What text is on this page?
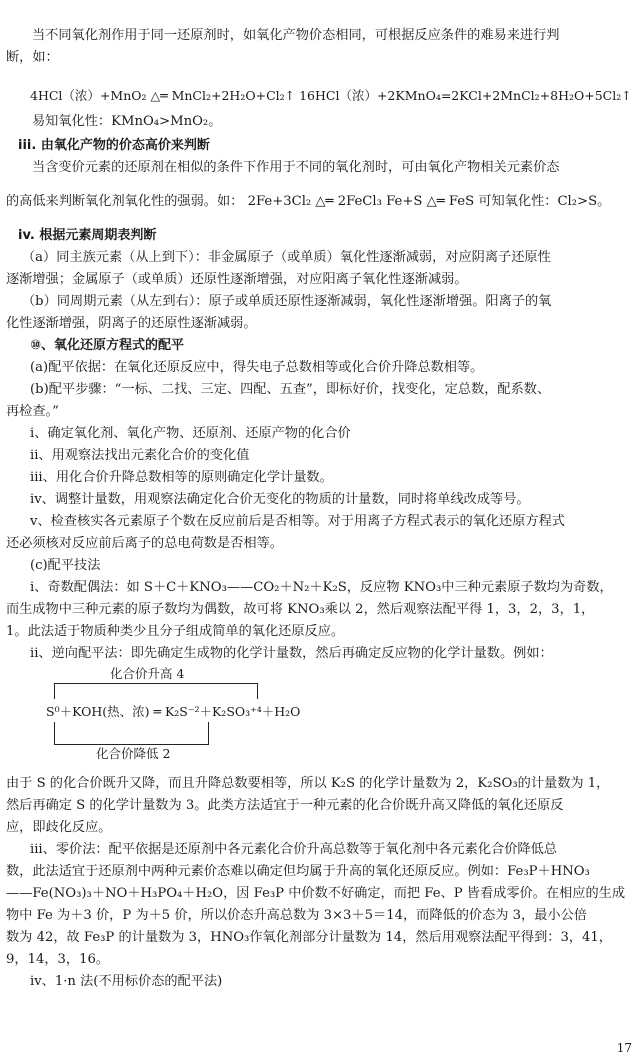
当不同氧化剂作用于同一还原剂时，如氧化产物价态相同，可根据反应条件的难易来进行判
断，如：
4HCl（浓）+MnO₂ △═ MnCl₂+2H₂O+Cl₂↑ 16HCl（浓）+2KMnO₄=2KCl+2MnCl₂+8H₂O+5Cl₂↑
易知氧化性：KMnO₄>MnO₂。
iii. 由氧化产物的价态高价来判断
当含变价元素的还原剂在相似的条件下作用于不同的氧化剂时，可由氧化产物相关元素价态
的高低来判断氧化剂氧化性的强弱。如： 2Fe+3Cl₂ △═ 2FeCl₃ Fe+S △═ FeS 可知氧化性：Cl₂>S。
iv. 根据元素周期表判断
（a）同主族元素（从上到下）：非金属原子（或单质）氧化性逐渐减弱，对应阴离子还原性
逐渐增强；金属原子（或单质）还原性逐渐增强，对应阳离子氧化性逐渐减弱。
（b）同周期元素（从左到右）：原子或单质还原性逐渐减弱，氧化性逐渐增强。阳离子的氧
化性逐渐增强，阴离子的还原性逐渐减弱。
⑩、氧化还原方程式的配平
(a)配平依据：在氧化还原反应中，得失电子总数相等或化合价升降总数相等。
(b)配平步骤：“一标、二找、三定、四配、五查”，即标好价，找变化，定总数，配系数、
再检查。”
i、确定氧化剂、氧化产物、还原剂、还原产物的化合价
ii、用观察法找出元素化合价的变化值
iii、用化合价升降总数相等的原则确定化学计量数。
iv、调整计量数，用观察法确定化合价无变化的物质的计量数，同时将单线改成等号。
v、检查核实各元素原子个数在反应前后是否相等。对于用离子方程式表示的氧化还原方程式
还必须核对反应前后离子的总电荷数是否相等。
(c)配平技法
i、奇数配偶法：如 S＋C＋KNO₃——CO₂＋N₂＋K₂S，反应物 KNO₃中三种元素原子数均为奇数，
而生成物中三种元素的原子数均为偶数，故可将 KNO₃乘以 2，然后观察法配平得 1，3，2，3，1，
1。此法适于物质种类少且分子组成简单的氧化还原反应。
ii、逆向配平法：即先确定生成物的化学计量数，然后再确定反应物的化学计量数。例如：
化合价升高 4
S⁰＋KOH(热、浓) ═ K₂S⁻²＋K₂SO₃⁺⁴＋H₂O
化合价降低 2
由于 S 的化合价既升又降，而且升降总数要相等，所以 K₂S 的化学计量数为 2，K₂SO₃的计量数为 1，
然后再确定 S 的化学计量数为 3。此类方法适宜于一种元素的化合价既升高又降低的氧化还原反
应，即歧化反应。
iii、零价法：配平依据是还原剂中各元素化合价升高总数等于氧化剂中各元素化合价降低总
数，此法适宜于还原剂中两种元素价态难以确定但均属于升高的氧化还原反应。例如：Fe₃P＋HNO₃
——Fe(NO₃)₃＋NO＋H₃PO₄＋H₂O，因 Fe₃P 中价数不好确定，而把 Fe、P 皆看成零价。在相应的生成
物中 Fe 为＋3 价，P 为＋5 价，所以价态升高总数为 3×3＋5＝14，而降低的价态为 3，最小公倍
数为 42，故 Fe₃P 的计量数为 3，HNO₃作氧化剂部分计量数为 14，然后用观察法配平得到：3，41，
9，14，3，16。
iv、1·n 法(不用标价态的配平法)
17
